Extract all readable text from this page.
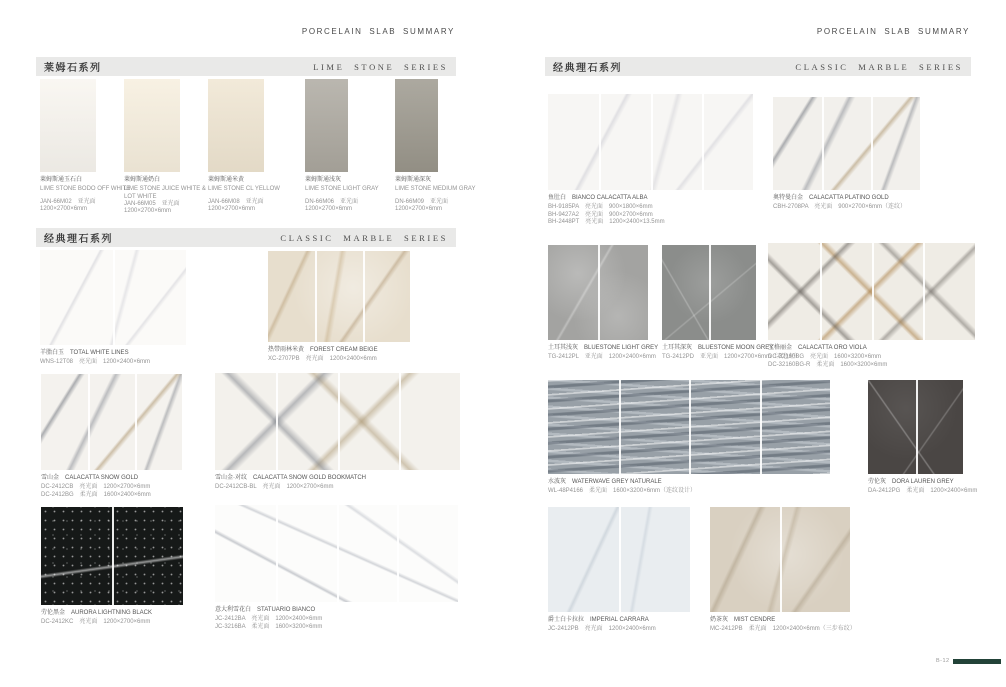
PORCELAIN SLAB SUMMARY	PORCELAIN SLAB SUMMARY
莱姆石系列	LIME STONE SERIES
经典理石系列	CLASSIC MARBLE SERIES
经典理石系列	CLASSIC MARBLE SERIES
莱姆斯通玉石白
LIME STONE BODO OFF WHITE
JAN-66M02　亚光面
1200×2700×6mm
莱姆斯通奶白
LIME STONE JUICE WHITE &
LOT WHITE
JAN-66M05　亚光面
1200×2700×6mm
莱姆斯通米黄
LIME STONE CL YELLOW
JAN-66M08　亚光面
1200×2700×6mm
莱姆斯通浅灰
LIME STONE LIGHT GRAY
DN-66M06　亚光面
1200×2700×6mm
莱姆斯通深灰
LIME STONE MEDIUM GRAY
DN-66M09　亚光面
1200×2700×6mm
羊脂白玉　TOTAL WHITE LINES
WNS-12T08　亮光面　1200×2400×6mm
热带雨林米黄　FOREST CREAM BEIGE
XC-2707PB　亮光面　1200×2400×6mm
雪山金　CALACATTA SNOW GOLD
DC-2412CB　亮光面　1200×2700×6mm
DC-2412BG　柔光面　1600×2400×6mm
雪山金·对纹　CALACATTA SNOW GOLD BOOKMATCH
DC-2412CB-BL　亮光面　1200×2700×6mm
劳伦黑金　AURORA LIGHTNING BLACK
DC-2412KC　亮光面　1200×2700×6mm
意大利雪花白　STATUARIO BIANCO
JC-2412BA　亮光面　1200×2400×6mm
JC-3216BA　柔光面　1600×3200×6mm
鱼肚白　BIANCO CALACATTA ALBA
BH-9185PA　亮光面　900×1800×6mm
BH-9427A2　亮光面　900×2700×6mm
BH-2448PT　亮光面　1200×2400×13.5mm
奥特曼白金　CALACATTA PLATINO GOLD
CBH-2708PA　亮光面　900×2700×6mm（连纹）
土耳其浅灰　BLUESTONE LIGHT GREY
TG-2412PL　亚光面　1200×2400×6mm
土耳其深灰　BLUESTONE MOON GREY
TG-2412PD　亚光面　1200×2700×6mm（双色坯）
宝格丽金　CALACATTA ORO VIOLA
DC-32160BG　亮光面　1600×3200×6mm
DC-32160BG-R　柔光面　1600×3200×6mm
水波灰　WATERWAVE GREY NATURALE
WL-48P4166　柔光面　1600×3200×6mm（连纹设计）
劳伦灰　DORA LAUREN GREY
DA-2412PG　柔光面　1200×2400×6mm
爵士白卡拉拉　IMPERIAL CARRARA
JC-2412PB　亮光面　1200×2400×6mm
奶茶灰　MIST CENDRE
MC-2412PB　柔光面　1200×2400×6mm（三步布纹）
B-12
